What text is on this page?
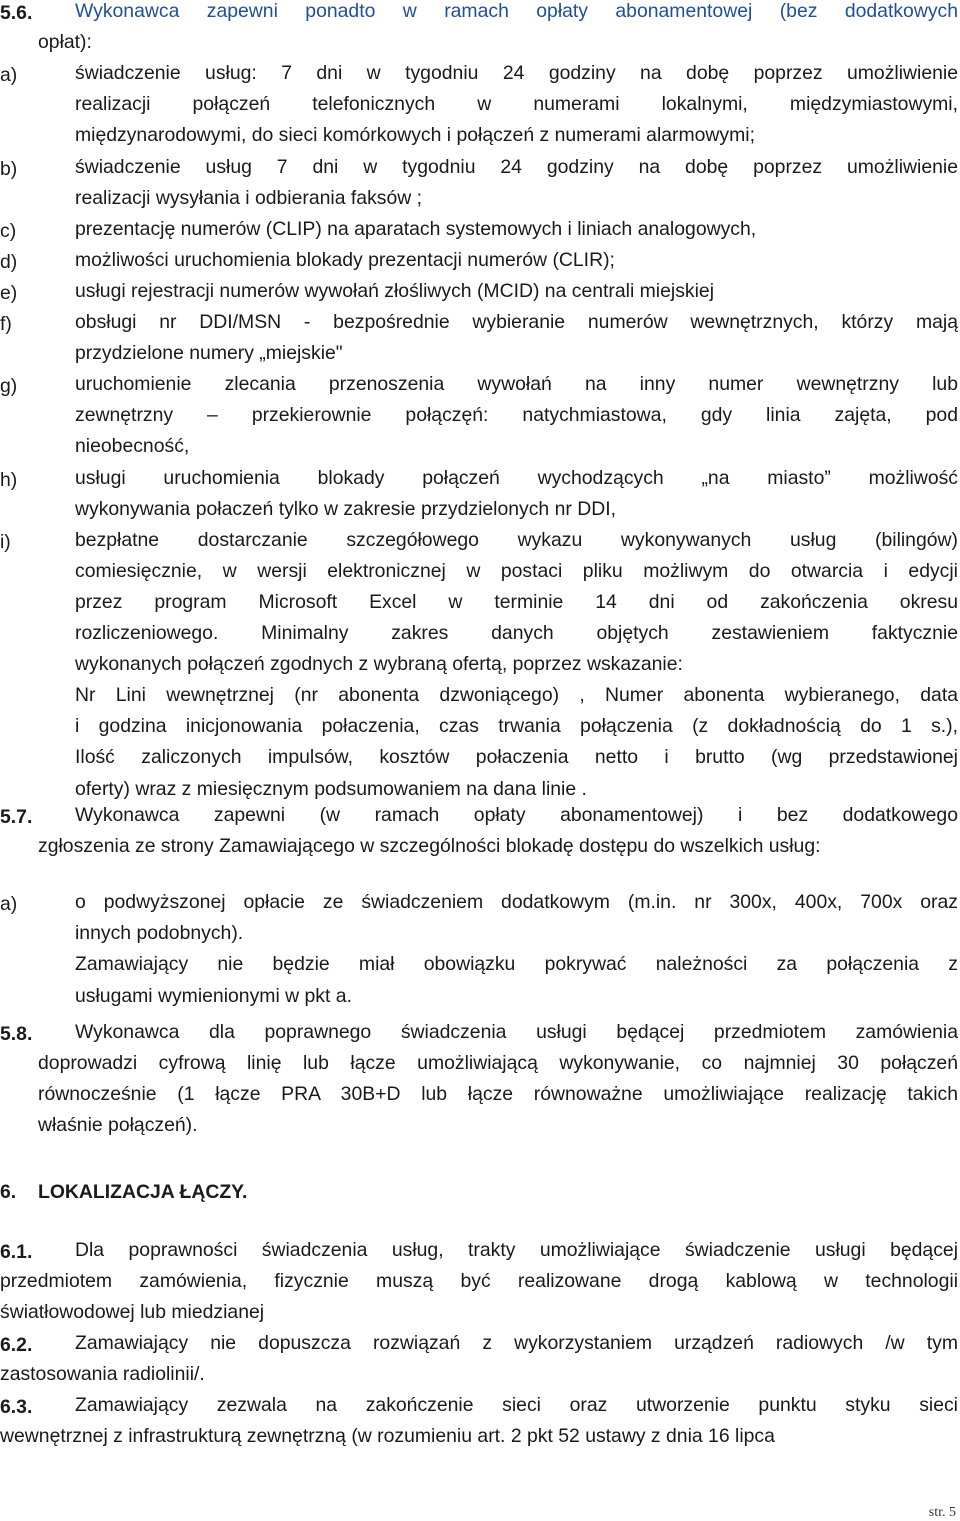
5.6. Wykonawca zapewni ponadto w ramach opłaty abonamentowej (bez dodatkowych
opłat):
a)	świadczenie usług: 7 dni w tygodniu 24 godziny na dobę poprzez umożliwienie
realizacji połączeń telefonicznych w numerami lokalnymi, międzymiastowymi,
międzynarodowymi, do sieci komórkowych i połączeń z numerami alarmowymi;
b)	świadczenie usług 7 dni w tygodniu 24 godziny na dobę poprzez umożliwienie
realizacji wysyłania i odbierania faksów ;
c)	prezentację numerów (CLIP) na aparatach systemowych i liniach analogowych,
d)	możliwości uruchomienia blokady prezentacji numerów (CLIR);
e)	usługi rejestracji numerów wywołań złośliwych (MCID) na centrali miejskiej
f)	obsługi nr DDI/MSN - bezpośrednie wybieranie numerów wewnętrznych, którzy mają
przydzielone numery „miejskie"
g)	uruchomienie zlecania przenoszenia wywołań na inny numer wewnętrzny lub
zewnętrzny – przekierownie połączęń: natychmiastowa, gdy linia zajęta, pod
nieobecność,
h)	usługi uruchomienia blokady połączeń wychodzących „na miasto” możliwość
wykonywania połaczeń tylko w zakresie przydzielonych nr DDI,
i)	bezpłatne dostarczanie szczegółowego wykazu wykonywanych usług (bilingów)
comiesięcznie, w wersji elektronicznej w postaci pliku możliwym do otwarcia i edycji
przez program Microsoft Excel w terminie 14 dni od zakończenia okresu
rozliczeniowego. Minimalny zakres danych objętych zestawieniem faktycznie
wykonanych połączeń zgodnych z wybraną ofertą, poprzez wskazanie:
Nr Lini wewnętrznej (nr abonenta dzwoniącego) , Numer abonenta wybieranego, data
i godzina inicjonowania połaczenia, czas trwania połączenia (z dokładnością do 1 s.),
Ilość zaliczonych impulsów, kosztów połaczenia netto i brutto (wg przedstawionej
oferty) wraz z miesięcznym podsumowaniem na dana linie .
5.7. Wykonawca zapewni (w ramach opłaty abonamentowej) i bez dodatkowego
zgłoszenia ze strony Zamawiającego w szczególności blokadę dostępu do wszelkich usług:
a)	o podwyższonej opłacie ze świadczeniem dodatkowym (m.in. nr 300x, 400x, 700x oraz
innych podobnych).
Zamawiający nie będzie miał obowiązku pokrywać należności za połączenia z
usługami wymienionymi w pkt a.
5.8. Wykonawca dla poprawnego świadczenia usługi będącej przedmiotem zamówienia
doprowadzi cyfrową linię lub łącze umożliwiającą wykonywanie, co najmniej 30 połączeń
równocześnie (1 łącze PRA 30B+D lub łącze równoważne umożliwiające realizację takich
właśnie połączeń).
6. LOKALIZACJA ŁĄCZY.
6.1. Dla poprawności świadczenia usług, trakty umożliwiające świadczenie usługi będącej
przedmiotem zamówienia, fizycznie muszą być realizowane drogą kablową w technologii
światłowodowej lub miedzianej
6.2. Zamawiający nie dopuszcza rozwiązań z wykorzystaniem urządzeń radiowych /w tym
zastosowania radiolinii/.
6.3. Zamawiający zezwala na zakończenie sieci oraz utworzenie punktu styku sieci
wewnętrznej z infrastrukturą zewnętrzną (w rozumieniu art. 2 pkt 52 ustawy z dnia 16 lipca
str. 5
